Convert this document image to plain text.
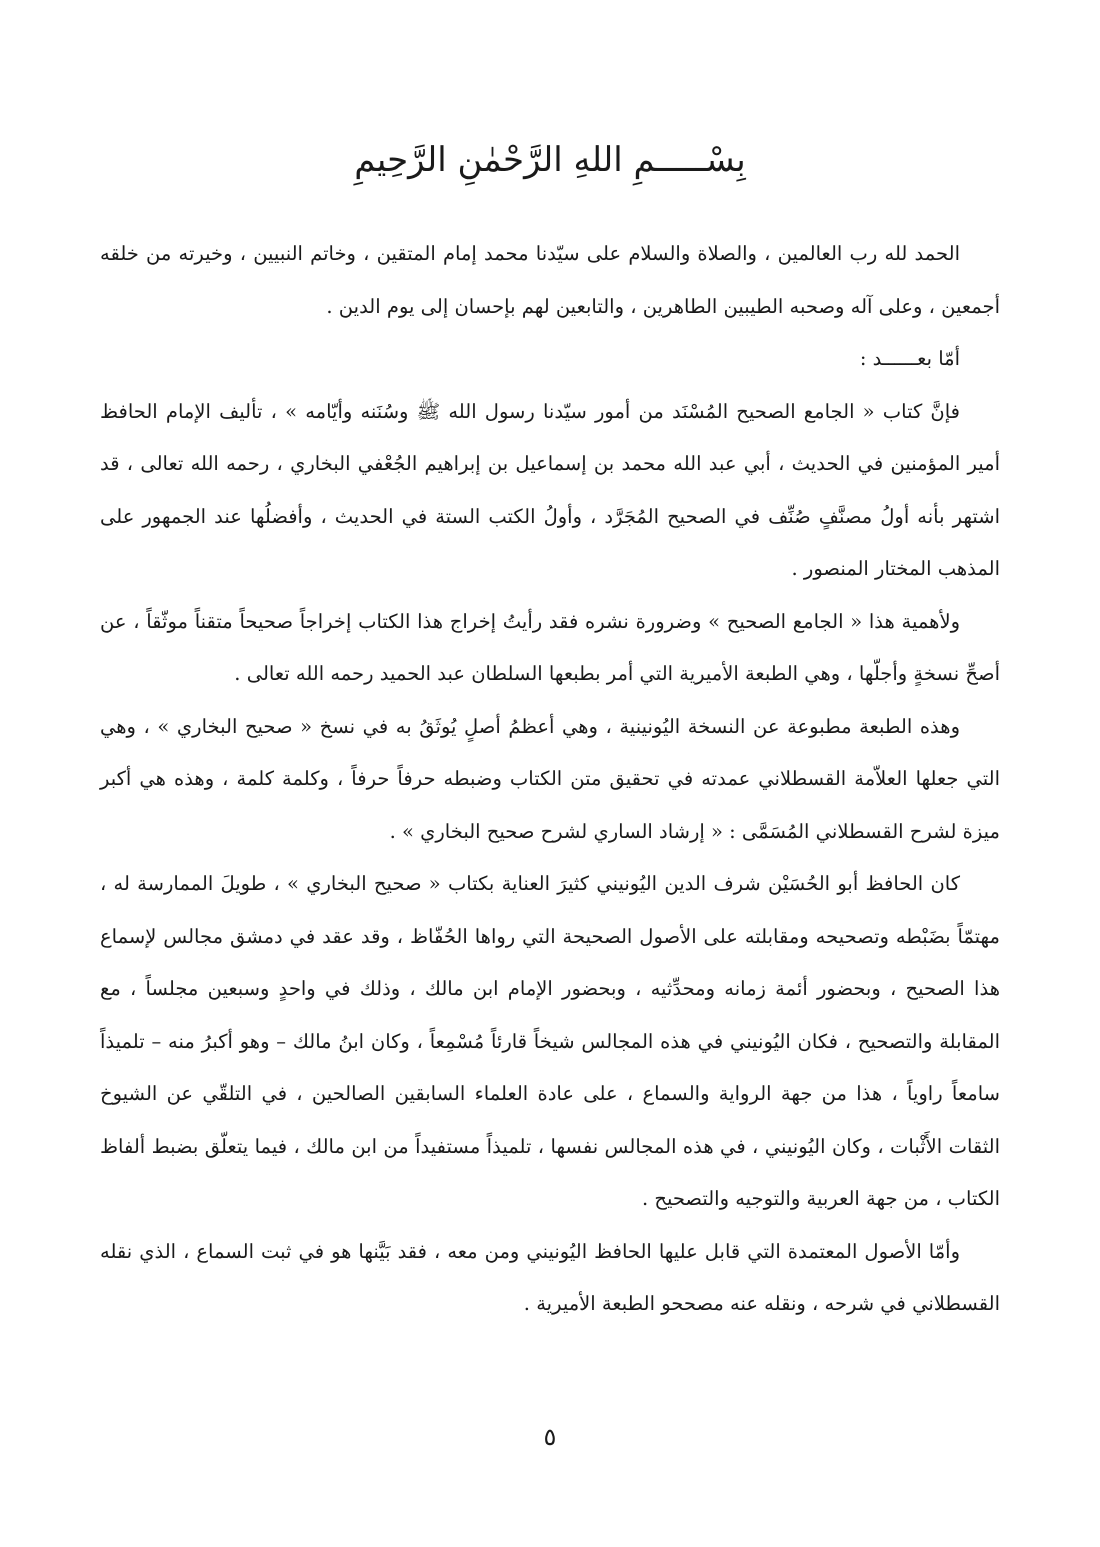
بِسْـــــمِ اللهِ الرَّحْمٰنِ الرَّحِيمِ

الحمد لله رب العالمين ، والصلاة والسلام على سيّدنا محمد إمام المتقين ، وخاتم النبيين ، وخيرته من خلقه أجمعين ، وعلى آله وصحبه الطيبين الطاهرين ، والتابعين لهم بإحسان إلى يوم الدين .

أمّا بعــــــد :

فإنَّ كتاب « الجامع الصحيح المُسْنَد من أمور سيّدنا رسول الله ﷺ وسُنَنه وأيّامه » ، تأليف الإمام الحافظ أمير المؤمنين في الحديث ، أبي عبد الله محمد بن إسماعيل بن إبراهيم الجُعْفي البخاري ، رحمه الله تعالى ، قد اشتهر بأنه أولُ مصنَّفٍ صُنِّف في الصحيح المُجَرَّد ، وأولُ الكتب الستة في الحديث ، وأفضلُها عند الجمهور على المذهب المختار المنصور .

ولأهمية هذا « الجامع الصحيح » وضرورة نشره فقد رأيتُ إخراج هذا الكتاب إخراجاً صحيحاً متقناً موثّقاً ، عن أصحِّ نسخةٍ وأجلّها ، وهي الطبعة الأميرية التي أمر بطبعها السلطان عبد الحميد رحمه الله تعالى .

وهذه الطبعة مطبوعة عن النسخة اليُونينية ، وهي أعظمُ أصلٍ يُوثَقُ به في نسخ « صحيح البخاري » ، وهي التي جعلها العلاّمة القسطلاني عمدته في تحقيق متن الكتاب وضبطه حرفاً حرفاً ، وكلمة كلمة ، وهذه هي أكبر ميزة لشرح القسطلاني المُسَمَّى : « إرشاد الساري لشرح صحيح البخاري » .

كان الحافظ أبو الحُسَيْن شرف الدين اليُونيني كثيرَ العناية بكتاب « صحيح البخاري » ، طويلَ الممارسة له ، مهتمّاً بضَبْطه وتصحيحه ومقابلته على الأصول الصحيحة التي رواها الحُفّاظ ، وقد عقد في دمشق مجالس لإسماع هذا الصحيح ، وبحضور أئمة زمانه ومحدِّثيه ، وبحضور الإمام ابن مالك ، وذلك في واحدٍ وسبعين مجلساً ، مع المقابلة والتصحيح ، فكان اليُونيني في هذه المجالس شيخاً قارئاً مُسْمِعاً ، وكان ابنُ مالك – وهو أكبرُ منه – تلميذاً سامعاً راوياً ، هذا من جهة الرواية والسماع ، على عادة العلماء السابقين الصالحين ، في التلقّي عن الشيوخ الثقات الأَثْبات ، وكان اليُونيني ، في هذه المجالس نفسها ، تلميذاً مستفيداً من ابن مالك ، فيما يتعلّق بضبط ألفاظ الكتاب ، من جهة العربية والتوجيه والتصحيح .

وأمّا الأصول المعتمدة التي قابل عليها الحافظ اليُونيني ومن معه ، فقد بَيَّنها هو في ثبت السماع ، الذي نقله القسطلاني في شرحه ، ونقله عنه مصححو الطبعة الأميرية .

٥
